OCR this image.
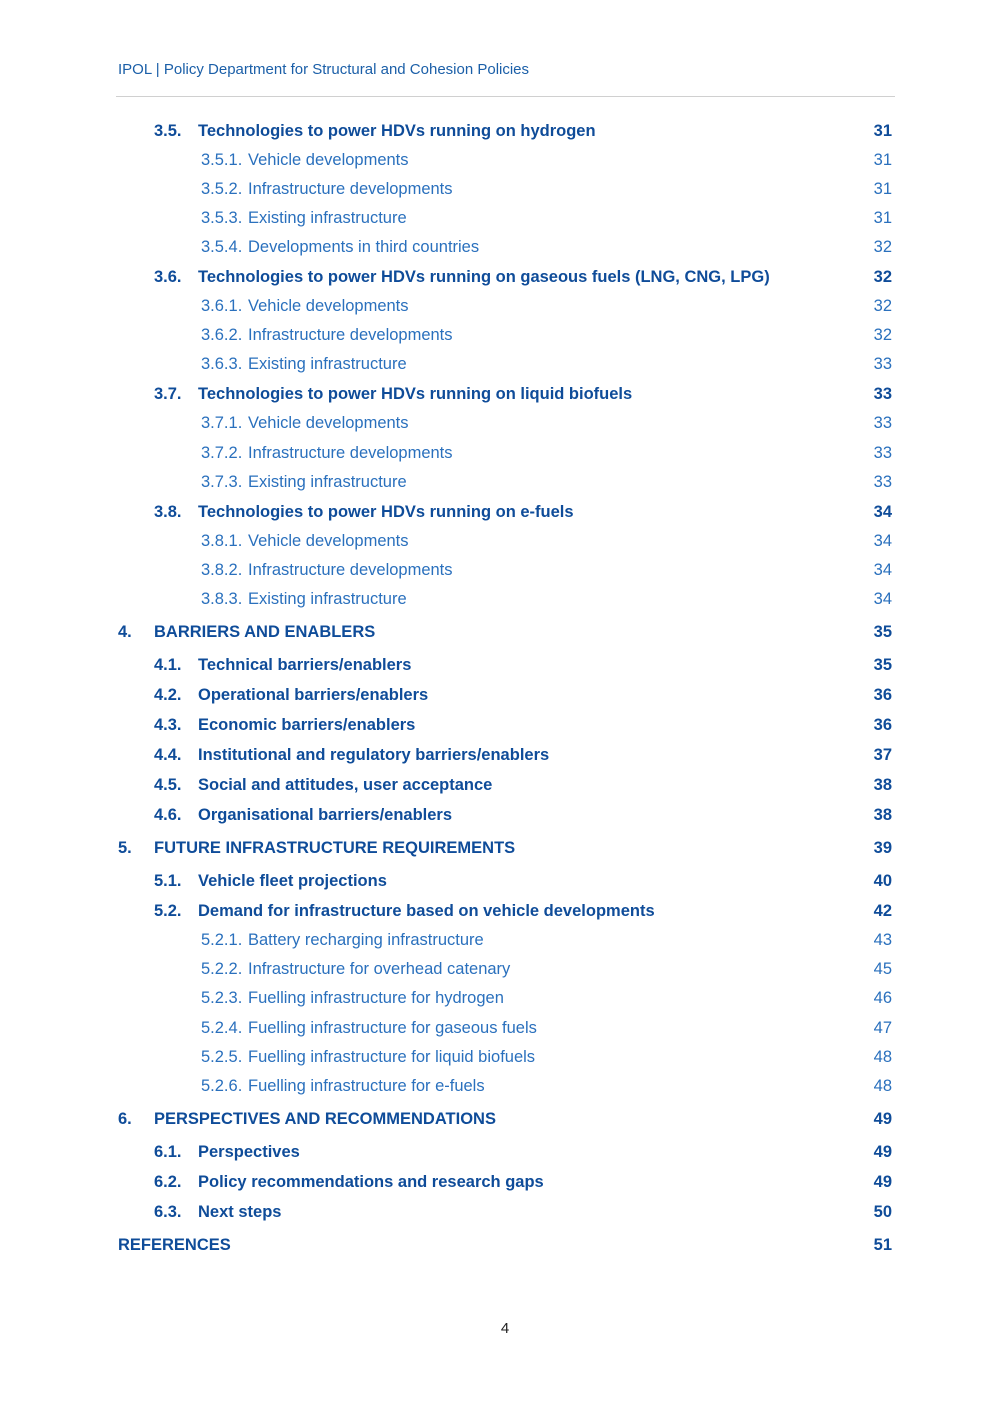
IPOL | Policy Department for Structural and Cohesion Policies
3.5. Technologies to power HDVs running on hydrogen	31
3.5.1. Vehicle developments	31
3.5.2. Infrastructure developments	31
3.5.3. Existing infrastructure	31
3.5.4. Developments in third countries	32
3.6. Technologies to power HDVs running on gaseous fuels (LNG, CNG, LPG)	32
3.6.1. Vehicle developments	32
3.6.2. Infrastructure developments	32
3.6.3. Existing infrastructure	33
3.7. Technologies to power HDVs running on liquid biofuels	33
3.7.1. Vehicle developments	33
3.7.2. Infrastructure developments	33
3.7.3. Existing infrastructure	33
3.8. Technologies to power HDVs running on e-fuels	34
3.8.1. Vehicle developments	34
3.8.2. Infrastructure developments	34
3.8.3. Existing infrastructure	34
4. BARRIERS AND ENABLERS	35
4.1. Technical barriers/enablers	35
4.2. Operational barriers/enablers	36
4.3. Economic barriers/enablers	36
4.4. Institutional and regulatory barriers/enablers	37
4.5. Social and attitudes, user acceptance	38
4.6. Organisational barriers/enablers	38
5. FUTURE INFRASTRUCTURE REQUIREMENTS	39
5.1. Vehicle fleet projections	40
5.2. Demand for infrastructure based on vehicle developments	42
5.2.1. Battery recharging infrastructure	43
5.2.2. Infrastructure for overhead catenary	45
5.2.3. Fuelling infrastructure for hydrogen	46
5.2.4. Fuelling infrastructure for gaseous fuels	47
5.2.5. Fuelling infrastructure for liquid biofuels	48
5.2.6. Fuelling infrastructure for e-fuels	48
6. PERSPECTIVES AND RECOMMENDATIONS	49
6.1. Perspectives	49
6.2. Policy recommendations and research gaps	49
6.3. Next steps	50
REFERENCES	51
4
